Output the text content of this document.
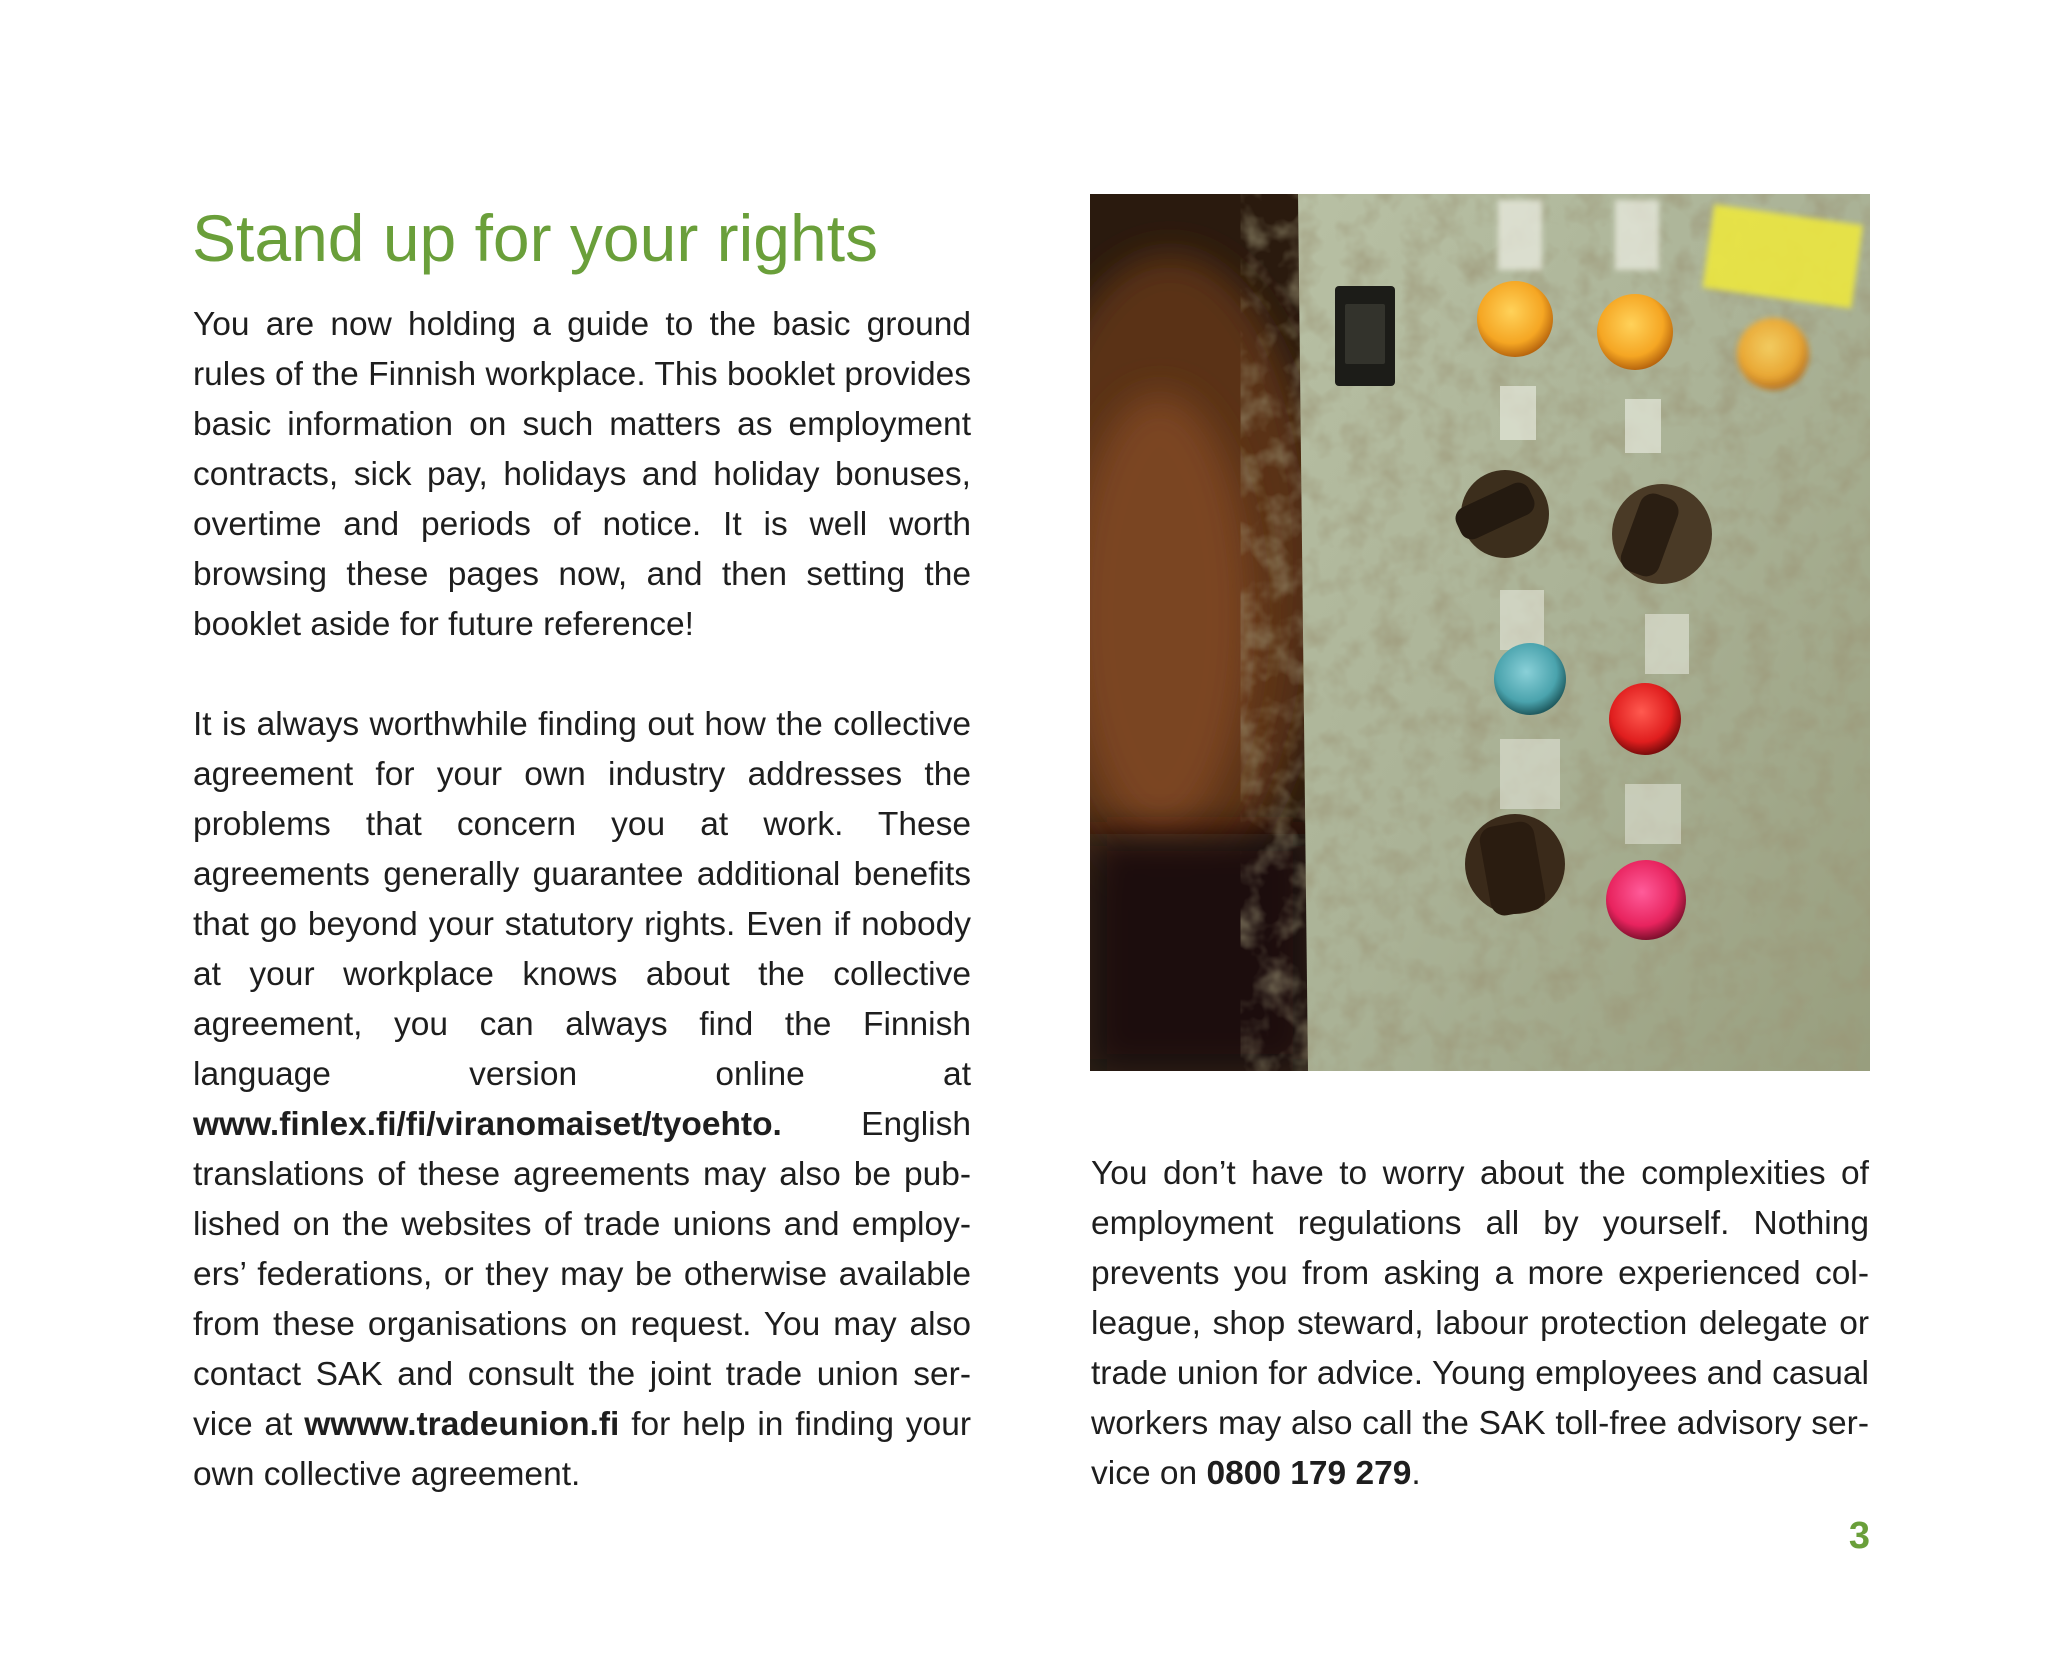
Stand up for your rights

You are now holding a guide to the basic ground rules of the Finnish workplace. This booklet provides basic information on such matters as employment contracts, sick pay, holidays and holiday bonuses, overtime and periods of notice. It is well worth browsing these pages now, and then setting the booklet aside for future reference!

It is always worthwhile finding out how the collective agreement for your own industry addresses the problems that concern you at work. These agreements generally guarantee additional benefits that go beyond your statutory rights. Even if nobody at your workplace knows about the collective agreement, you can always find the Finnish language version online at www.finlex.fi/fi/viranomaiset/tyoehto. English translations of these agreements may also be published on the websites of trade unions and employers’ federations, or they may be otherwise available from these organisations on request. You may also contact SAK and consult the joint trade union service at wwww.tradeunion.fi for help in finding your own collective agreement.

You don’t have to worry about the complexities of employment regulations all by yourself. Nothing prevents you from asking a more experienced colleague, shop steward, labour protection delegate or trade union for advice. Young employees and casual workers may also call the SAK toll-free advisory service on 0800 179 279.

3
